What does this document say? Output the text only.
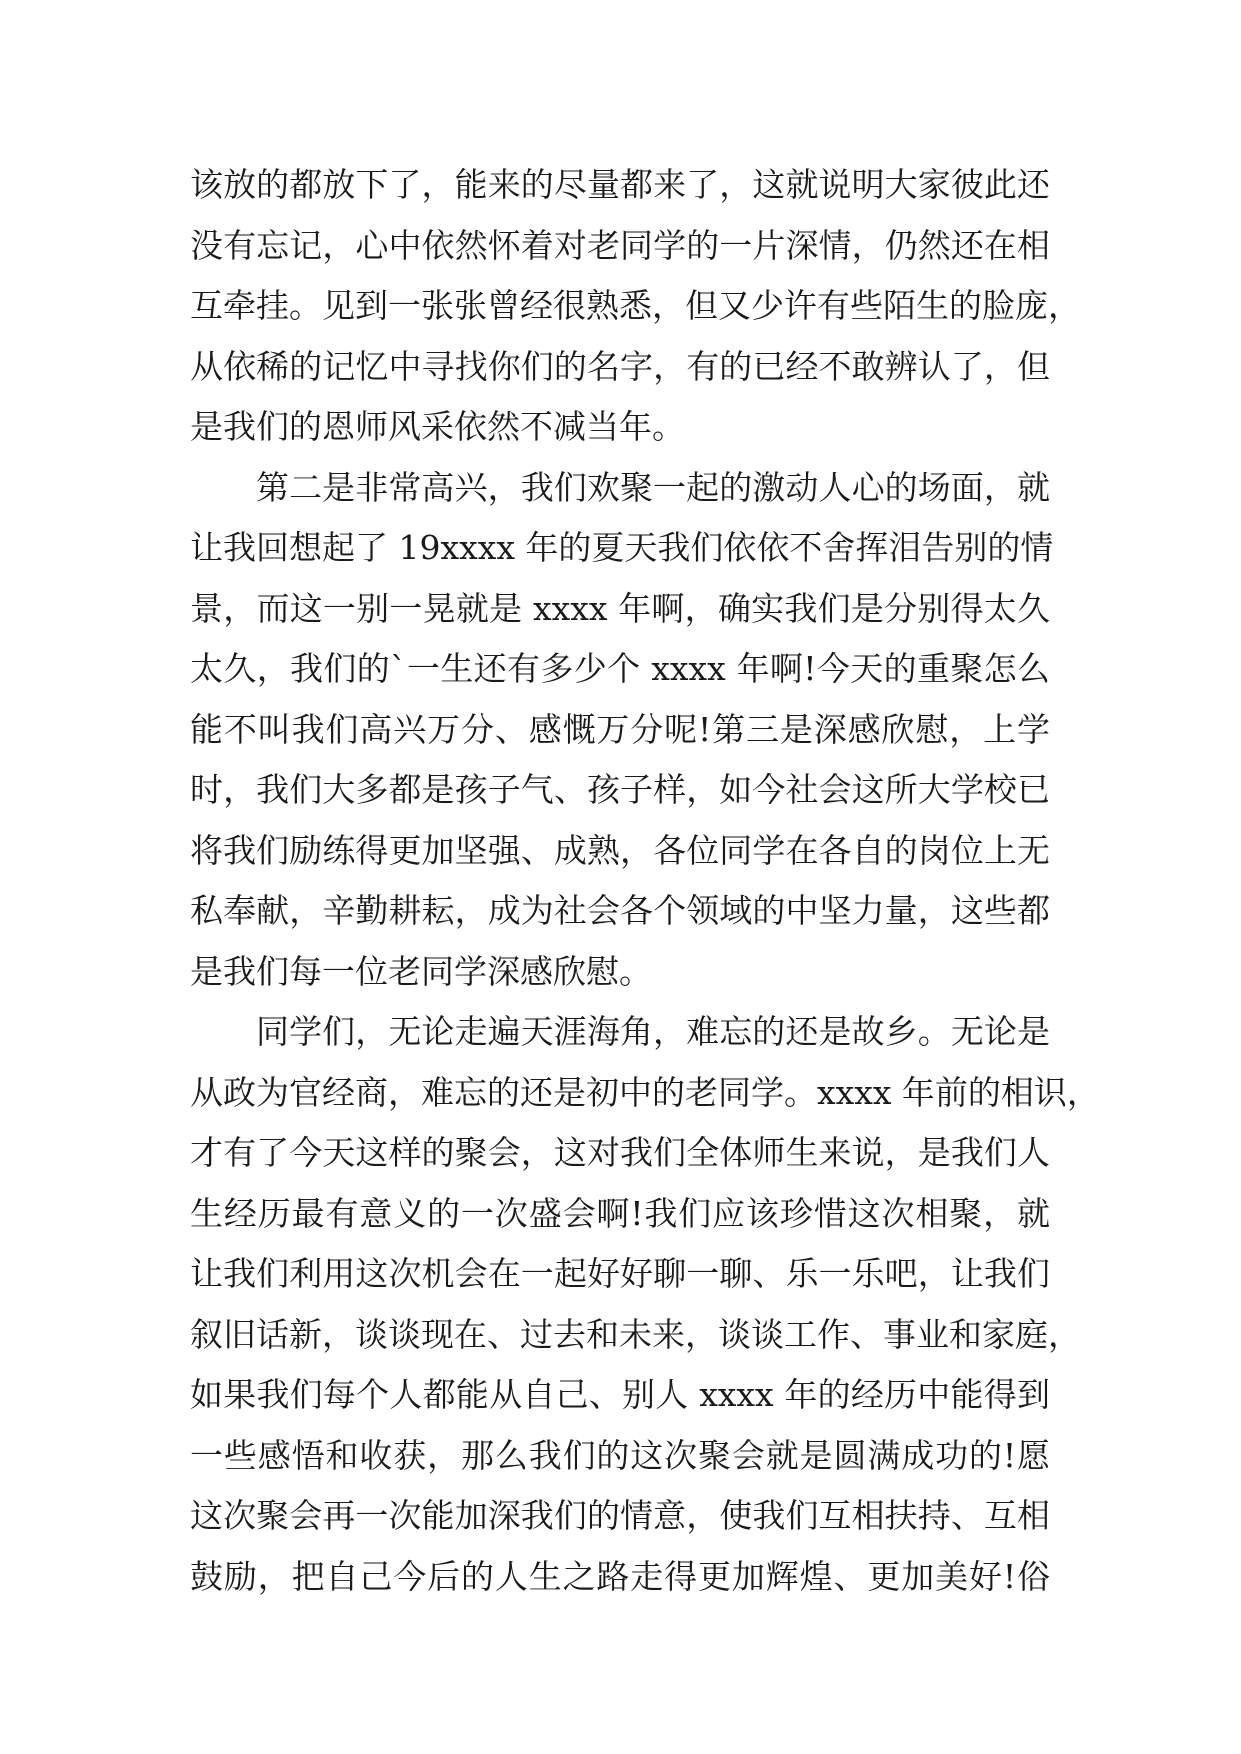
该放的都放下了，能来的尽量都来了，这就说明大家彼此还
没有忘记，心中依然怀着对老同学的一片深情，仍然还在相
互牵挂。见到一张张曾经很熟悉，但又少许有些陌生的脸庞，
从依稀的记忆中寻找你们的名字，有的已经不敢辨认了，但
是我们的恩师风采依然不减当年。
第二是非常高兴，我们欢聚一起的激动人心的场面，就
让我回想起了 19xxxx 年的夏天我们依依不舍挥泪告别的情
景，而这一别一晃就是 xxxx 年啊，确实我们是分别得太久
太久，我们的`一生还有多少个 xxxx 年啊!今天的重聚怎么
能不叫我们高兴万分、感慨万分呢!第三是深感欣慰，上学
时，我们大多都是孩子气、孩子样，如今社会这所大学校已
将我们励练得更加坚强、成熟，各位同学在各自的岗位上无
私奉献，辛勤耕耘，成为社会各个领域的中坚力量，这些都
是我们每一位老同学深感欣慰。
同学们，无论走遍天涯海角，难忘的还是故乡。无论是
从政为官经商，难忘的还是初中的老同学。xxxx 年前的相识，
才有了今天这样的聚会，这对我们全体师生来说，是我们人
生经历最有意义的一次盛会啊!我们应该珍惜这次相聚，就
让我们利用这次机会在一起好好聊一聊、乐一乐吧，让我们
叙旧话新，谈谈现在、过去和未来，谈谈工作、事业和家庭，
如果我们每个人都能从自己、别人 xxxx 年的经历中能得到
一些感悟和收获，那么我们的这次聚会就是圆满成功的!愿
这次聚会再一次能加深我们的情意，使我们互相扶持、互相
鼓励，把自己今后的人生之路走得更加辉煌、更加美好!俗
